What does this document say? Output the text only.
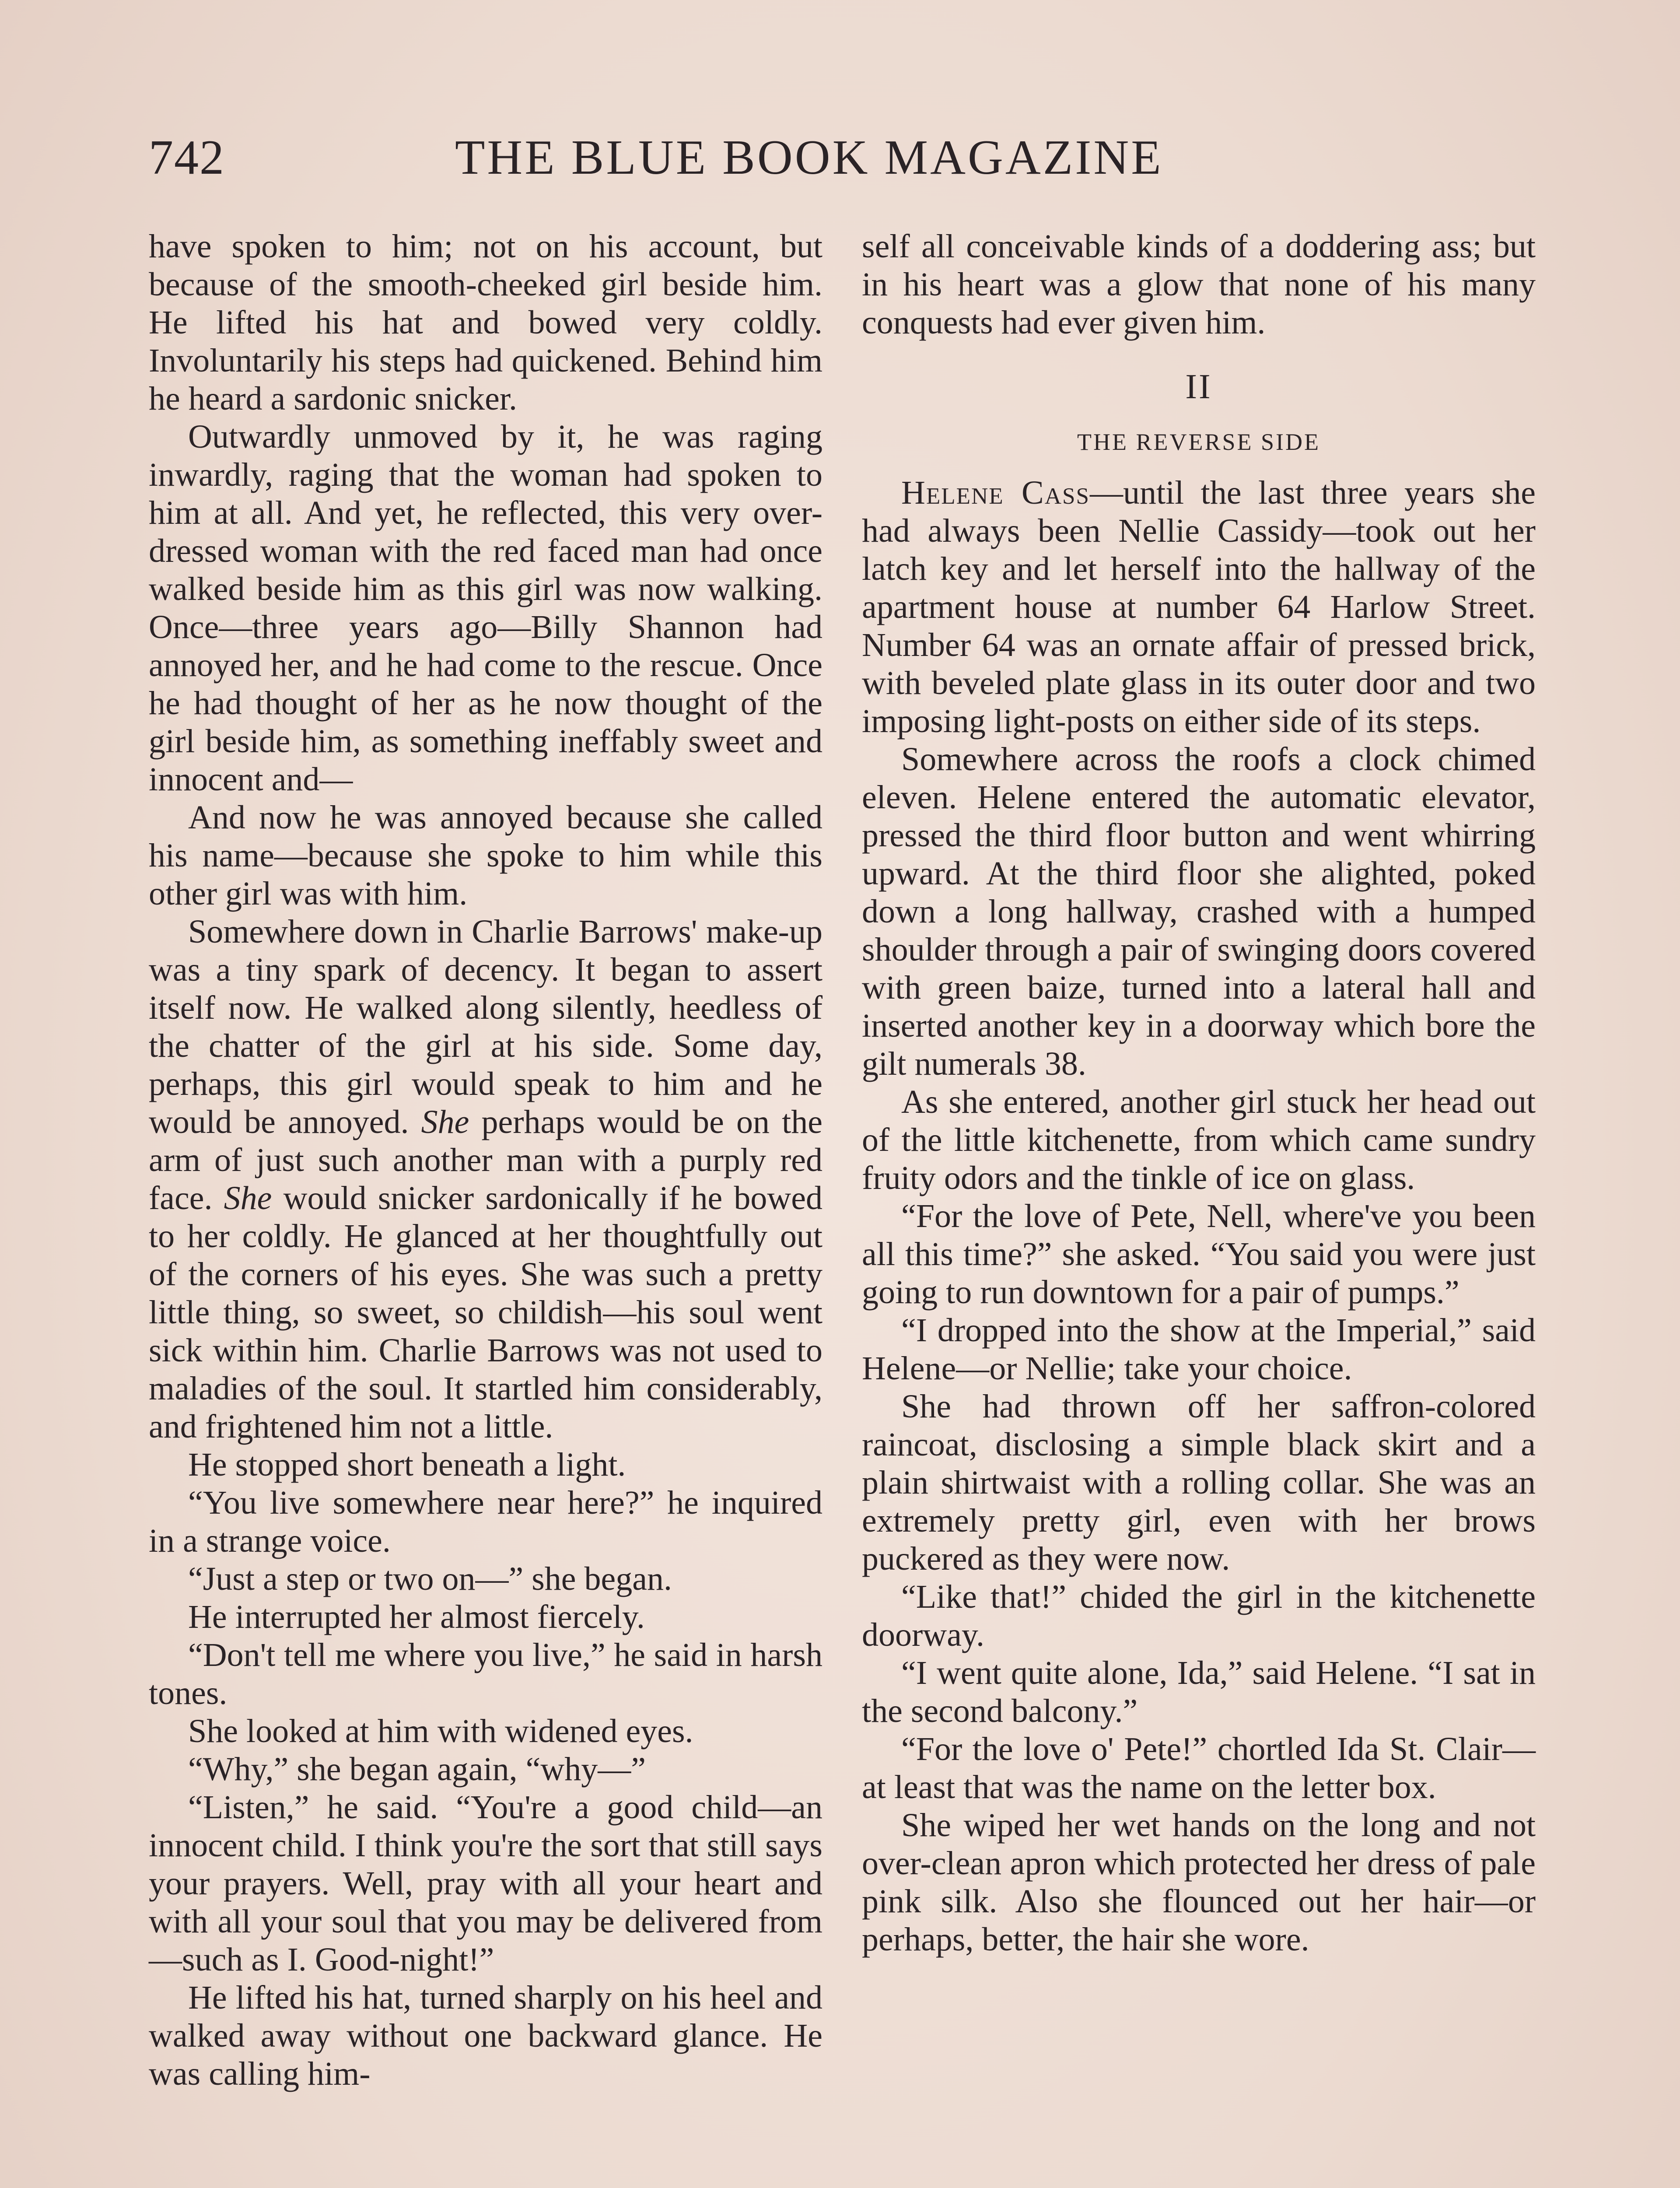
742	THE BLUE BOOK MAGAZINE

have spoken to him; not on his account, but because of the smooth-cheeked girl beside him. He lifted his hat and bowed very coldly. Involuntarily his steps had quickened. Behind him he heard a sardonic snicker.

Outwardly unmoved by it, he was raging inwardly, raging that the woman had spoken to him at all. And yet, he reflected, this very over-dressed woman with the red faced man had once walked beside him as this girl was now walking. Once—three years ago—Billy Shannon had annoyed her, and he had come to the rescue. Once he had thought of her as he now thought of the girl beside him, as something ineffably sweet and innocent and—

And now he was annoyed because she called his name—because she spoke to him while this other girl was with him.

Somewhere down in Charlie Barrows' make-up was a tiny spark of decency. It began to assert itself now. He walked along silently, heedless of the chatter of the girl at his side. Some day, perhaps, this girl would speak to him and he would be annoyed. She perhaps would be on the arm of just such another man with a purply red face. She would snicker sardonically if he bowed to her coldly. He glanced at her thoughtfully out of the corners of his eyes. She was such a pretty little thing, so sweet, so childish—his soul went sick within him. Charlie Barrows was not used to maladies of the soul. It startled him considerably, and frightened him not a little.

He stopped short beneath a light.

“You live somewhere near here?” he inquired in a strange voice.

“Just a step or two on—” she began.

He interrupted her almost fiercely.

“Don't tell me where you live,” he said in harsh tones.

She looked at him with widened eyes.

“Why,” she began again, “why—”

“Listen,” he said. “You're a good child—an innocent child. I think you're the sort that still says your prayers. Well, pray with all your heart and with all your soul that you may be delivered from—such as I. Good-night!”

He lifted his hat, turned sharply on his heel and walked away without one backward glance. He was calling him-

self all conceivable kinds of a doddering ass; but in his heart was a glow that none of his many conquests had ever given him.

II
THE REVERSE SIDE

Helene Cass—until the last three years she had always been Nellie Cassidy—took out her latch key and let herself into the hallway of the apartment house at number 64 Harlow Street. Number 64 was an ornate affair of pressed brick, with beveled plate glass in its outer door and two imposing light-posts on either side of its steps.

Somewhere across the roofs a clock chimed eleven. Helene entered the automatic elevator, pressed the third floor button and went whirring upward. At the third floor she alighted, poked down a long hallway, crashed with a humped shoulder through a pair of swinging doors covered with green baize, turned into a lateral hall and inserted another key in a doorway which bore the gilt numerals 38.

As she entered, another girl stuck her head out of the little kitchenette, from which came sundry fruity odors and the tinkle of ice on glass.

“For the love of Pete, Nell, where've you been all this time?” she asked. “You said you were just going to run downtown for a pair of pumps.”

“I dropped into the show at the Imperial,” said Helene—or Nellie; take your choice.

She had thrown off her saffron-colored raincoat, disclosing a simple black skirt and a plain shirtwaist with a rolling collar. She was an extremely pretty girl, even with her brows puckered as they were now.

“Like that!” chided the girl in the kitchenette doorway.

“I went quite alone, Ida,” said Helene. “I sat in the second balcony.”

“For the love o' Pete!” chortled Ida St. Clair—at least that was the name on the letter box.

She wiped her wet hands on the long and not over-clean apron which protected her dress of pale pink silk. Also she flounced out her hair—or perhaps, better, the hair she wore.
